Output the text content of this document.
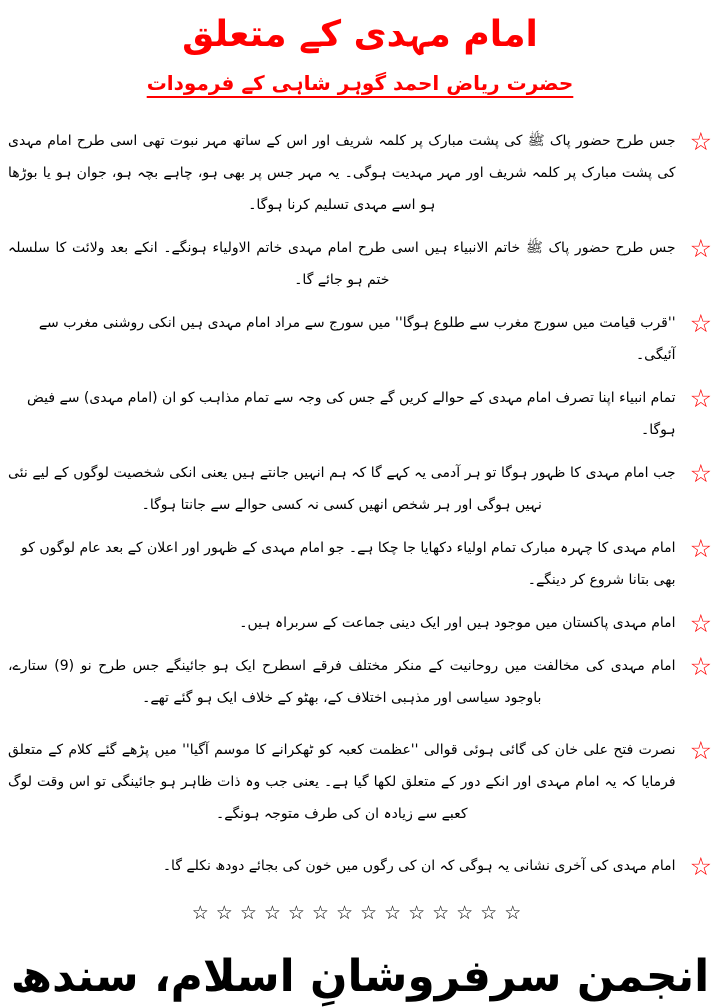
امام مہدی کے متعلق
حضرت ریاض احمد گوہر شاہی کے فرمودات
☆
جس طرح حضور پاک ﷺ کی پشت مبارک پر کلمہ شریف اور اس کے ساتھ مہر نبوت تھی اسی طرح امام مہدی کی پشت مبارک پر کلمہ شریف اور مہر مہدیت ہوگی۔ یہ مہر جس پر بھی ہو، چاہے بچہ ہو، جوان ہو یا بوڑھا ہو اسے مہدی تسلیم کرنا ہوگا۔
☆
جس طرح حضور پاک ﷺ خاتم الانبیاء ہیں اسی طرح امام مہدی خاتم الاولیاء ہونگے۔ انکے بعد ولائت کا سلسلہ ختم ہو جائے گا۔
☆
''قرب قیامت میں سورج مغرب سے طلوع ہوگا'' میں سورج سے مراد امام مہدی ہیں انکی روشنی مغرب سے آئیگی۔
☆
تمام انبیاء اپنا تصرف امام مہدی کے حوالے کریں گے جس کی وجہ سے تمام مذاہب کو ان (امام مہدی) سے فیض ہوگا۔
☆
جب امام مہدی کا ظہور ہوگا تو ہر آدمی یہ کہے گا کہ ہم انہیں جانتے ہیں یعنی انکی شخصیت لوگوں کے لیے نئی نہیں ہوگی اور ہر شخص انھیں کسی نہ کسی حوالے سے جانتا ہوگا۔
☆
امام مہدی کا چہرہ مبارک تمام اولیاء دکھایا جا چکا ہے۔ جو امام مہدی کے ظہور اور اعلان کے بعد عام لوگوں کو بھی بتانا شروع کر دینگے۔
☆
امام مہدی پاکستان میں موجود ہیں اور ایک دینی جماعت کے سربراہ ہیں۔
☆
امام مہدی کی مخالفت میں روحانیت کے منکر مختلف فرقے اسطرح ایک ہو جائینگے جس طرح نو (9) ستارے، باوجود سیاسی اور مذہبی اختلاف کے، بھٹو کے خلاف ایک ہو گئے تھے۔
☆
نصرت فتح علی خان کی گائی ہوئی قوالی ''عظمت کعبہ کو ٹھکرانے کا موسم آگیا'' میں پڑھے گئے کلام کے متعلق فرمایا کہ یہ امام مہدی اور انکے دور کے متعلق لکھا گیا ہے۔ یعنی جب وہ ذات ظاہر ہو جائینگی تو اس وقت لوگ کعبے سے زیادہ ان کی طرف متوجہ ہونگے۔
☆
امام مہدی کی آخری نشانی یہ ہوگی کہ ان کی رگوں میں خون کی بجائے دودھ نکلے گا۔
☆☆☆☆☆☆☆☆☆☆☆☆☆☆
انجمن سرفروشانِ اسلام، سندھ
